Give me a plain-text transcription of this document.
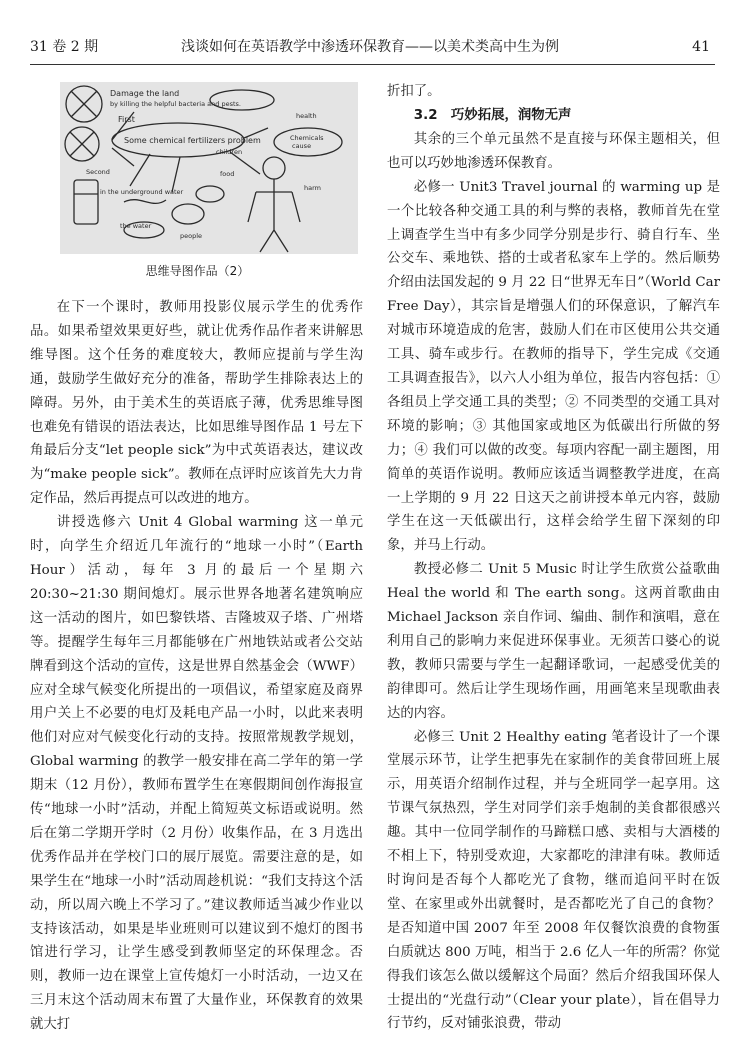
31 卷 2 期	浅谈如何在英语教学中渗透环保教育——以美术类高中生为例	41
Damage the land
by killing the helpful bacteria and pests.
First
Some chemical fertilizers problem
Second
Chemicals
cause
food
health
harm
the water
in the underground water
people
children
思维导图作品（2）

在下一个课时，教师用投影仪展示学生的优秀作品。如果希望效果更好些，就让优秀作品作者来讲解思维导图。这个任务的难度较大，教师应提前与学生沟通，鼓励学生做好充分的准备，帮助学生排除表达上的障碍。另外，由于美术生的英语底子薄，优秀思维导图也难免有错误的语法表达，比如思维导图作品 1 号左下角最后分支“let people sick”为中式英语表达，建议改为“make people sick”。教师在点评时应该首先大力肯定作品，然后再提点可以改进的地方。

讲授选修六 Unit 4 Global warming 这一单元时，向学生介绍近几年流行的“地球一小时”（Earth Hour）活动，每年 3 月的最后一个星期六 20:30~21:30 期间熄灯。展示世界各地著名建筑响应这一活动的图片，如巴黎铁塔、吉隆坡双子塔、广州塔等。提醒学生每年三月都能够在广州地铁站或者公交站牌看到这个活动的宣传，这是世界自然基金会（WWF）应对全球气候变化所提出的一项倡议，希望家庭及商界用户关上不必要的电灯及耗电产品一小时，以此来表明他们对应对气候变化行动的支持。按照常规教学规划，Global warming 的教学一般安排在高二学年的第一学期末（12 月份），教师布置学生在寒假期间创作海报宣传“地球一小时”活动，并配上简短英文标语或说明。然后在第二学期开学时（2 月份）收集作品，在 3 月选出优秀作品并在学校门口的展厅展览。需要注意的是，如果学生在“地球一小时”活动周趁机说：“我们支持这个活动，所以周六晚上不学习了。”建议教师适当减少作业以支持该活动，如果是毕业班则可以建议到不熄灯的图书馆进行学习，让学生感受到教师坚定的环保理念。否则，教师一边在课堂上宣传熄灯一小时活动，一边又在三月末这个活动周末布置了大量作业，环保教育的效果就大打

折扣了。

3.2　巧妙拓展，润物无声

其余的三个单元虽然不是直接与环保主题相关，但也可以巧妙地渗透环保教育。

必修一 Unit3 Travel journal 的 warming up 是一个比较各种交通工具的利与弊的表格，教师首先在堂上调查学生当中有多少同学分别是步行、骑自行车、坐公交车、乘地铁、搭的士或者私家车上学的。然后顺势介绍由法国发起的 9 月 22 日“世界无车日”（World Car Free Day），其宗旨是增强人们的环保意识，了解汽车对城市环境造成的危害，鼓励人们在市区使用公共交通工具、骑车或步行。在教师的指导下，学生完成《交通工具调查报告》，以六人小组为单位，报告内容包括：① 各组员上学交通工具的类型；② 不同类型的交通工具对环境的影响；③ 其他国家或地区为低碳出行所做的努力；④ 我们可以做的改变。每项内容配一副主题图，用简单的英语作说明。教师应该适当调整教学进度，在高一上学期的 9 月 22 日这天之前讲授本单元内容，鼓励学生在这一天低碳出行，这样会给学生留下深刻的印象，并马上行动。

教授必修二 Unit 5 Music 时让学生欣赏公益歌曲 Heal the world 和 The earth song。这两首歌曲由 Michael Jackson 亲自作词、编曲、制作和演唱，意在利用自己的影响力来促进环保事业。无须苦口婆心的说教，教师只需要与学生一起翻译歌词，一起感受优美的韵律即可。然后让学生现场作画，用画笔来呈现歌曲表达的内容。

必修三 Unit 2 Healthy eating 笔者设计了一个课堂展示环节，让学生把事先在家制作的美食带回班上展示，用英语介绍制作过程，并与全班同学一起享用。这节课气氛热烈，学生对同学们亲手炮制的美食都很感兴趣。其中一位同学制作的马蹄糕口感、卖相与大酒楼的不相上下，特别受欢迎，大家都吃的津津有味。教师适时询问是否每个人都吃光了食物，继而追问平时在饭堂、在家里或外出就餐时，是否都吃光了自己的食物？是否知道中国 2007 年至 2008 年仅餐饮浪费的食物蛋白质就达 800 万吨，相当于 2.6 亿人一年的所需？你觉得我们该怎么做以缓解这个局面？然后介绍我国环保人士提出的“光盘行动”（Clear your plate），旨在倡导力行节约，反对铺张浪费，带动
